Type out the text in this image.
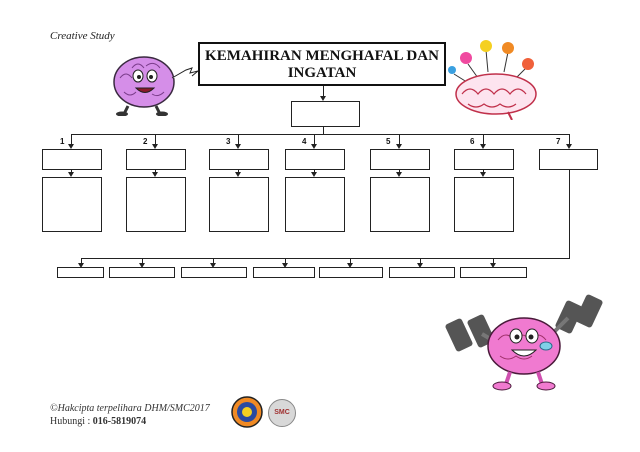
Creative Study
KEMAHIRAN MENGHAFAL DAN INGATAN
1	2	3	4	5	6	7
©Hakcipta terpelihara DHM/SMC2017
Hubungi : 016-5819074
SMC
